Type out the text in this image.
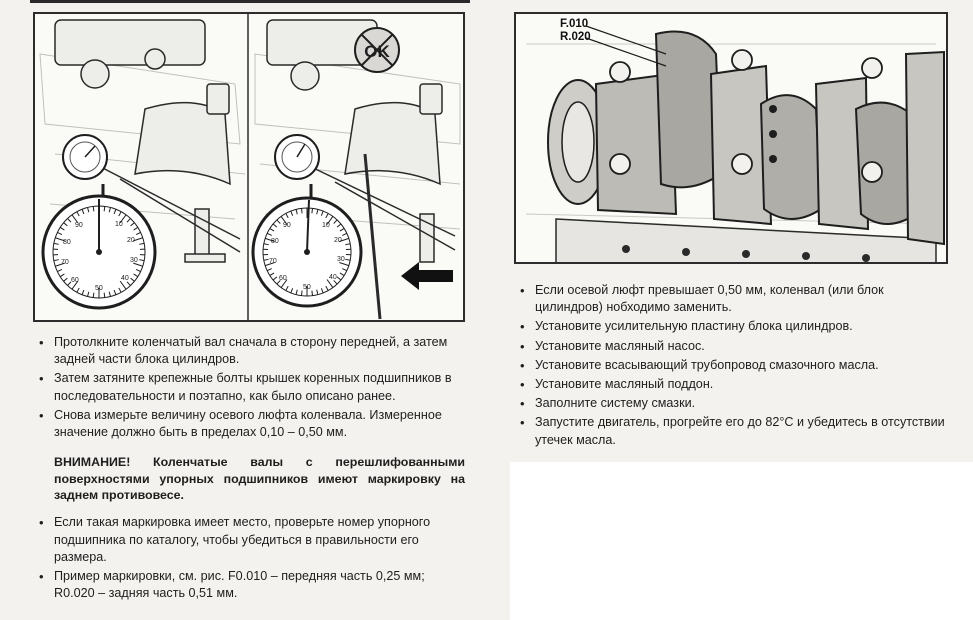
10
20
30
40
50
60
70
80
90
OK
10
20
30
40
50
60
70
80
90
F.010
R.020
• Протолкните коленчатый вал сначала в сторону передней, а затем задней части блока цилиндров.
• Затем затяните крепежные болты крышек коренных подшипников в последовательности и поэтапно, как было описано ранее.
• Снова измерьте величину осевого люфта коленвала. Измеренное значение должно быть в пределах 0,10 – 0,50 мм.
ВНИМАНИЕ! Коленчатые валы с перешлифованными поверхностями упорных подшипников имеют маркировку на заднем противовесе.
• Если такая маркировка имеет место, проверьте номер упорного подшипника по каталогу, чтобы убедиться в правильности его размера.
• Пример маркировки, см. рис. F0.010 – передняя часть 0,25 мм; R0.020 – задняя часть 0,51 мм.
• Если осевой люфт превышает 0,50 мм, коленвал (или блок цилиндров) нобходимо заменить.
• Установите усилительную пластину блока цилиндров.
• Установите масляный насос.
• Установите всасывающий трубопровод смазочного масла.
• Установите масляный поддон.
• Заполните систему смазки.
• Запустите двигатель, прогрейте его до 82°C и убедитесь в отсутствии утечек масла.
